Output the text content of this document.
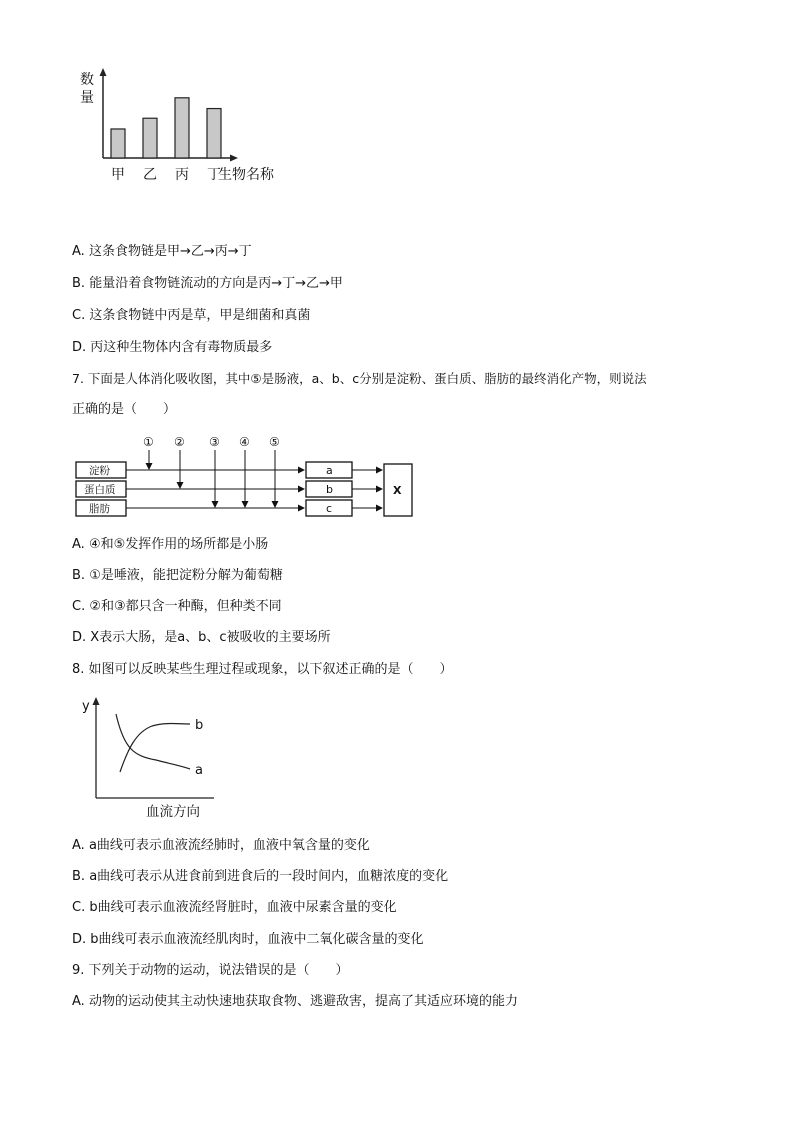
数
量
甲 乙 丙 丁
生物名称
A. 这条食物链是甲→乙→丙→丁
B. 能量沿着食物链流动的方向是丙→丁→乙→甲
C. 这条食物链中丙是草，甲是细菌和真菌
D. 丙这种生物体内含有毒物质最多
7. 下面是人体消化吸收图，其中⑤是肠液，a、b、c分别是淀粉、蛋白质、脂肪的最终消化产物，则说法
正确的是（　　）
① ② ③ ④ ⑤
淀粉
蛋白质
脂肪
a
b
c
X
A. ④和⑤发挥作用的场所都是小肠
B. ①是唾液，能把淀粉分解为葡萄糖
C. ②和③都只含一种酶，但种类不同
D. X表示大肠，是a、b、c被吸收的主要场所
8. 如图可以反映某些生理过程或现象，以下叙述正确的是（　　）
y
b
a
血流方向
A. a曲线可表示血液流经肺时，血液中氧含量的变化
B. a曲线可表示从进食前到进食后的一段时间内，血糖浓度的变化
C. b曲线可表示血液流经肾脏时，血液中尿素含量的变化
D. b曲线可表示血液流经肌肉时，血液中二氧化碳含量的变化
9. 下列关于动物的运动，说法错误的是（　　）
A. 动物的运动使其主动快速地获取食物、逃避敌害，提高了其适应环境的能力
